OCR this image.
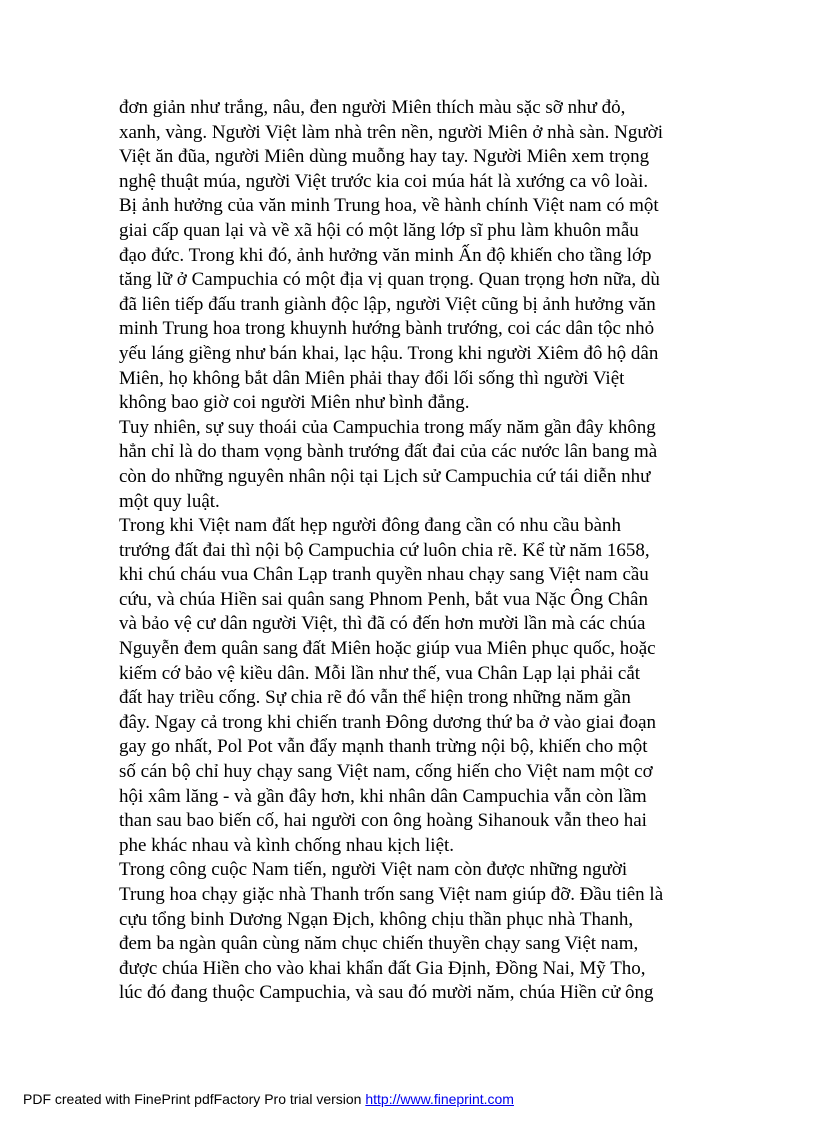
đơn giản như trắng, nâu, đen người Miên thích màu sặc sỡ như đỏ,
xanh, vàng. Người Việt làm nhà trên nền, người Miên ở nhà sàn. Người
Việt ăn đũa, người Miên dùng muỗng hay tay. Người Miên xem trọng
nghệ thuật múa, người Việt trước kia coi múa hát là xướng ca vô loài.
Bị ảnh hưởng của văn minh Trung hoa, về hành chính Việt nam có một
giai cấp quan lại và về xã hội có một lăng lớp sĩ phu làm khuôn mẫu
đạo đức. Trong khi đó, ảnh hưởng văn minh Ấn độ khiến cho tầng lớp
tăng lữ ở Campuchia có một địa vị quan trọng. Quan trọng hơn nữa, dù
đã liên tiếp đấu tranh giành độc lập, người Việt cũng bị ảnh hưởng văn
minh Trung hoa trong khuynh hướng bành trướng, coi các dân tộc nhỏ
yếu láng giềng như bán khai, lạc hậu. Trong khi người Xiêm đô hộ dân
Miên, họ không bắt dân Miên phải thay đổi lối sống thì người Việt
không bao giờ coi người Miên như bình đẳng.
Tuy nhiên, sự suy thoái của Campuchia trong mấy năm gần đây không
hẳn chỉ là do tham vọng bành trướng đất đai của các nước lân bang mà
còn do những nguyên nhân nội tại Lịch sử Campuchia cứ tái diễn như
một quy luật.
Trong khi Việt nam đất hẹp người đông đang cần có nhu cầu bành
trướng đất đai thì nội bộ Campuchia cứ luôn chia rẽ. Kể từ năm 1658,
khi chú cháu vua Chân Lạp tranh quyền nhau chạy sang Việt nam cầu
cứu, và chúa Hiền sai quân sang Phnom Penh, bắt vua Nặc Ông Chân
và bảo vệ cư dân người Việt, thì đã có đến hơn mười lần mà các chúa
Nguyễn đem quân sang đất Miên hoặc giúp vua Miên phục quốc, hoặc
kiếm cớ bảo vệ kiều dân. Mỗi lần như thế, vua Chân Lạp lại phải cắt
đất hay triều cống. Sự chia rẽ đó vẫn thể hiện trong những năm gần
đây. Ngay cả trong khi chiến tranh Đông dương thứ ba ở vào giai đoạn
gay go nhất, Pol Pot vẫn đẩy mạnh thanh trừng nội bộ, khiến cho một
số cán bộ chỉ huy chạy sang Việt nam, cống hiến cho Việt nam một cơ
hội xâm lăng - và gần đây hơn, khi nhân dân Campuchia vẫn còn lầm
than sau bao biến cố, hai người con ông hoàng Sihanouk vẫn theo hai
phe khác nhau và kình chống nhau kịch liệt.
Trong công cuộc Nam tiến, người Việt nam còn được những người
Trung hoa chạy giặc nhà Thanh trốn sang Việt nam giúp đỡ. Đầu tiên là
cựu tổng binh Dương Ngạn Địch, không chịu thần phục nhà Thanh,
đem ba ngàn quân cùng năm chục chiến thuyền chạy sang Việt nam,
được chúa Hiền cho vào khai khẩn đất Gia Định, Đồng Nai, Mỹ Tho,
lúc đó đang thuộc Campuchia, và sau đó mười năm, chúa Hiền cử ông
PDF created with FinePrint pdfFactory Pro trial version http://www.fineprint.com
